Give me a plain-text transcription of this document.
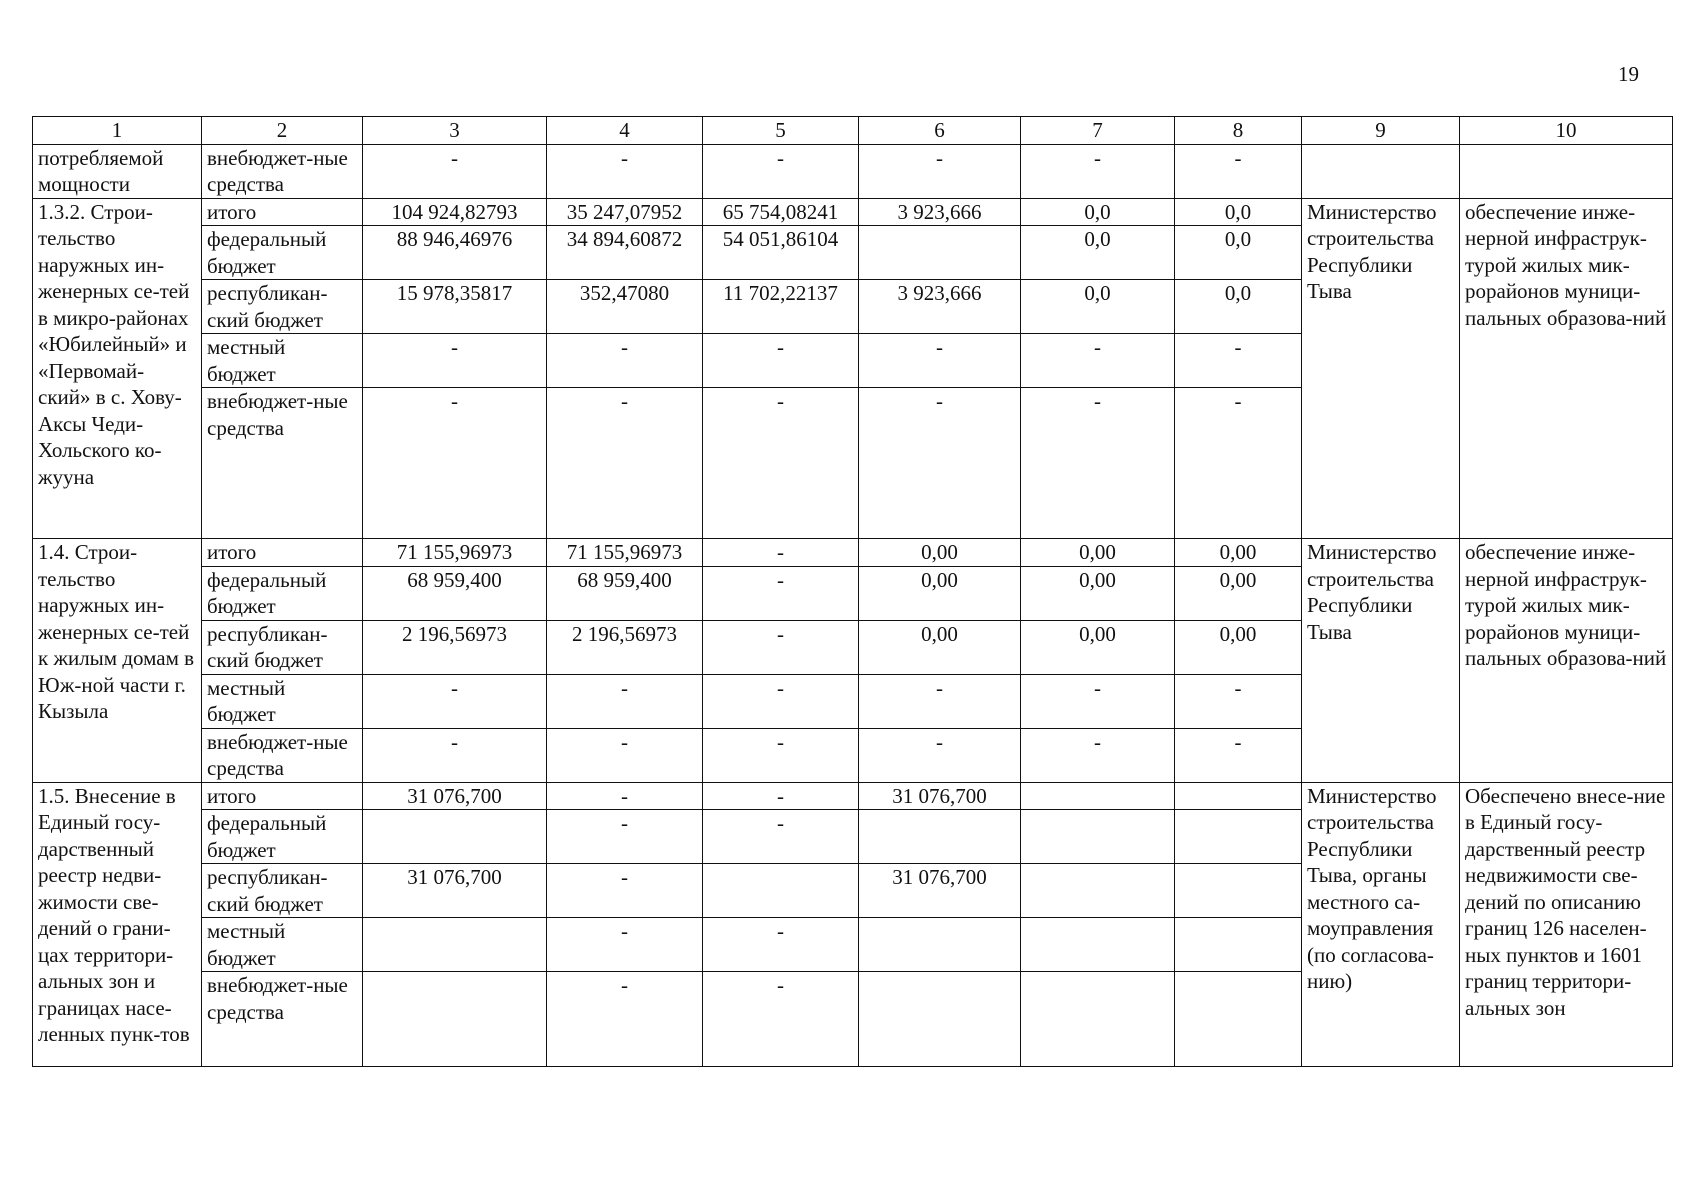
19
1	2	3	4	5	6	7	8	9	10
потребляемой мощности	внебюджет-ные средства	-	-	-	-	-	-		
1.3.2. Строи-тельство наружных ин-женерных се-тей в микро-районах «Юбилейный» и «Первомай-ский» в с. Хову-Аксы Чеди-Хольского ко-жууна	итого	104 924,82793	35 247,07952	65 754,08241	3 923,666	0,0	0,0	Министерство строительства Республики Тыва	обеспечение инже-нерной инфраструк-турой жилых мик-рорайонов муници-пальных образова-ний
	федеральный бюджет	88 946,46976	34 894,60872	54 051,86104		0,0	0,0		
	республикан-ский бюджет	15 978,35817	352,47080	11 702,22137	3 923,666	0,0	0,0		
	местный бюджет	-	-	-	-	-	-		
	внебюджет-ные средства	-	-	-	-	-	-		
1.4. Строи-тельство наружных ин-женерных се-тей к жилым домам в Юж-ной части г. Кызыла	итого	71 155,96973	71 155,96973	-	0,00	0,00	0,00	Министерство строительства Республики Тыва	обеспечение инже-нерной инфраструк-турой жилых мик-рорайонов муници-пальных образова-ний
	федеральный бюджет	68 959,400	68 959,400	-	0,00	0,00	0,00		
	республикан-ский бюджет	2 196,56973	2 196,56973	-	0,00	0,00	0,00		
	местный бюджет	-	-	-	-	-	-		
	внебюджет-ные средства	-	-	-	-	-	-		
1.5. Внесение в Единый госу-дарственный реестр недви-жимости све-дений о грани-цах территори-альных зон и границах насе-ленных пунк-тов	итого	31 076,700	-	-	31 076,700			Министерство строительства Республики Тыва, органы местного са-моуправления (по согласова-нию)	Обеспечено внесе-ние в Единый госу-дарственный реестр недвижимости све-дений по описанию границ 126 населен-ных пунктов и 1601 границ территори-альных зон
	федеральный бюджет		-	-					
	республикан-ский бюджет	31 076,700	-		31 076,700				
	местный бюджет		-	-					
	внебюджет-ные средства		-	-					
